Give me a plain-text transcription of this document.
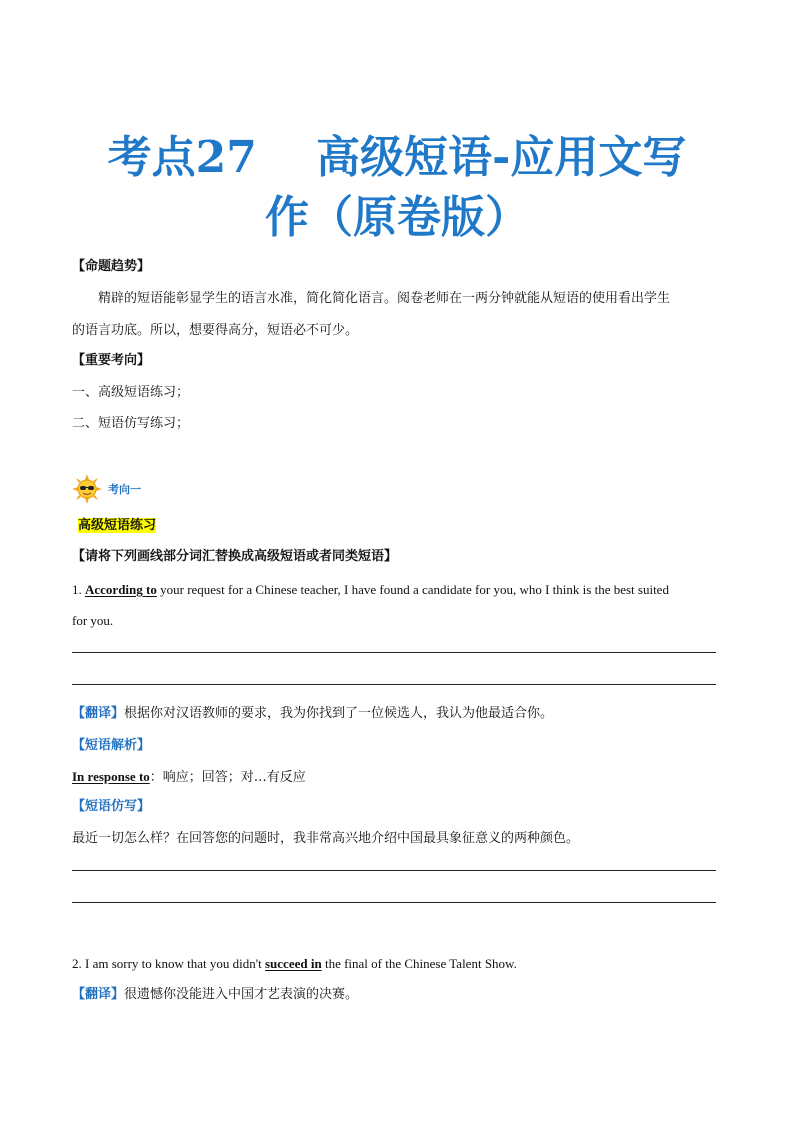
考点27　 高级短语-应用文写
作（原卷版）
【命题趋势】
精辟的短语能彰显学生的语言水准，简化简化语言。阅卷老师在一两分钟就能从短语的使用看出学生
的语言功底。所以，想要得高分，短语必不可少。
【重要考向】
一、高级短语练习；
二、短语仿写练习；
考向一
高级短语练习
【请将下列画线部分词汇替换成高级短语或者同类短语】
1. According to your request for a Chinese teacher, I have found a candidate for you, who I think is the best suited
for you.
【翻译】根据你对汉语教师的要求，我为你找到了一位候选人，我认为他最适合你。
【短语解析】
In response to：响应；回答；对…有反应
【短语仿写】
最近一切怎么样？在回答您的问题时，我非常高兴地介绍中国最具象征意义的两种颜色。
2. I am sorry to know that you didn't succeed in the final of the Chinese Talent Show.
【翻译】很遗憾你没能进入中国才艺表演的决赛。
